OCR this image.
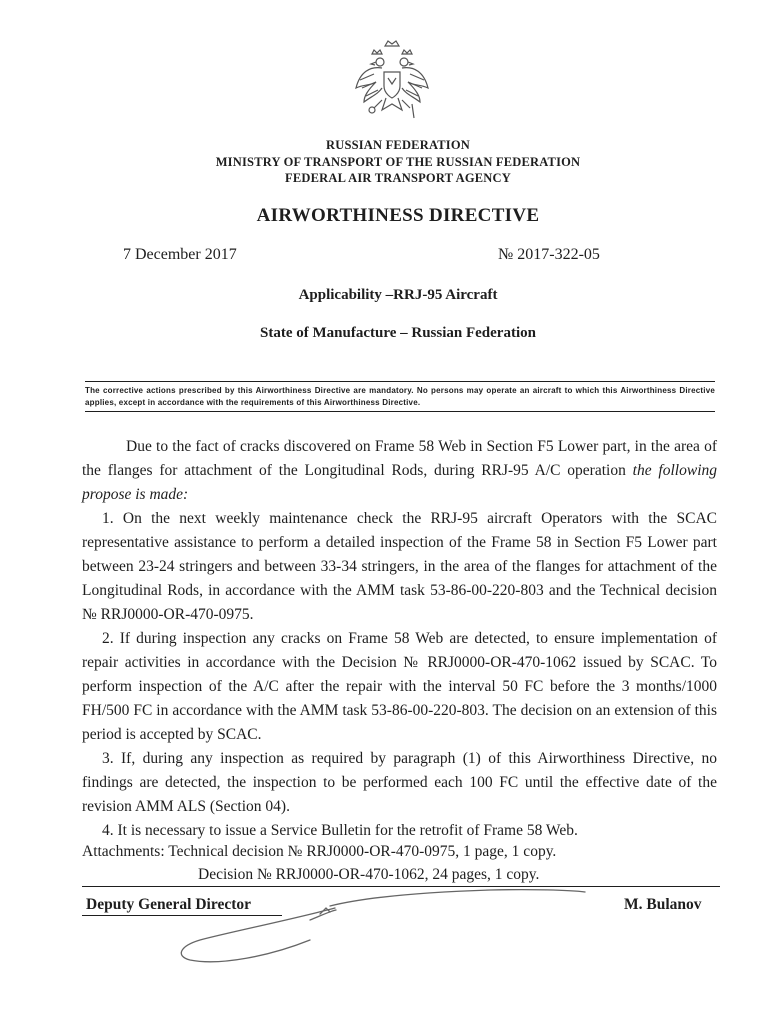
RUSSIAN FEDERATION
MINISTRY OF TRANSPORT OF THE RUSSIAN FEDERATION
FEDERAL AIR TRANSPORT AGENCY
AIRWORTHINESS DIRECTIVE
7 December 2017	№ 2017-322-05
Applicability –RRJ-95 Aircraft
State of Manufacture – Russian Federation
The corrective actions prescribed by this Airworthiness Directive are mandatory. No persons may operate an aircraft to which this Airworthiness Directive applies, except in accordance with the requirements of this Airworthiness Directive.

Due to the fact of cracks discovered on Frame 58 Web in Section F5 Lower part, in the area of the flanges for attachment of the Longitudinal Rods, during RRJ-95 A/C operation the following propose is made:

1. On the next weekly maintenance check the RRJ-95 aircraft Operators with the SCAC representative assistance to perform a detailed inspection of the Frame 58 in Section F5 Lower part between 23-24 stringers and between 33-34 stringers, in the area of the flanges for attachment of the Longitudinal Rods, in accordance with the AMM task 53-86-00-220-803 and the Technical decision № RRJ0000-OR-470-0975.

2. If during inspection any cracks on Frame 58 Web are detected, to ensure implementation of repair activities in accordance with the Decision № RRJ0000-OR-470-1062 issued by SCAC. To perform inspection of the A/C after the repair with the interval 50 FC before the 3 months/1000 FH/500 FC in accordance with the AMM task 53-86-00-220-803. The decision on an extension of this period is accepted by SCAC.

3. If, during any inspection as required by paragraph (1) of this Airworthiness Directive, no findings are detected, the inspection to be performed each 100 FC until the effective date of the revision AMM ALS (Section 04).

4. It is necessary to issue a Service Bulletin for the retrofit of Frame 58 Web.

Attachments: Technical decision № RRJ0000-OR-470-0975, 1 page, 1 copy.
Decision № RRJ0000-OR-470-1062, 24 pages, 1 copy.
Deputy General Director	M. Bulanov
